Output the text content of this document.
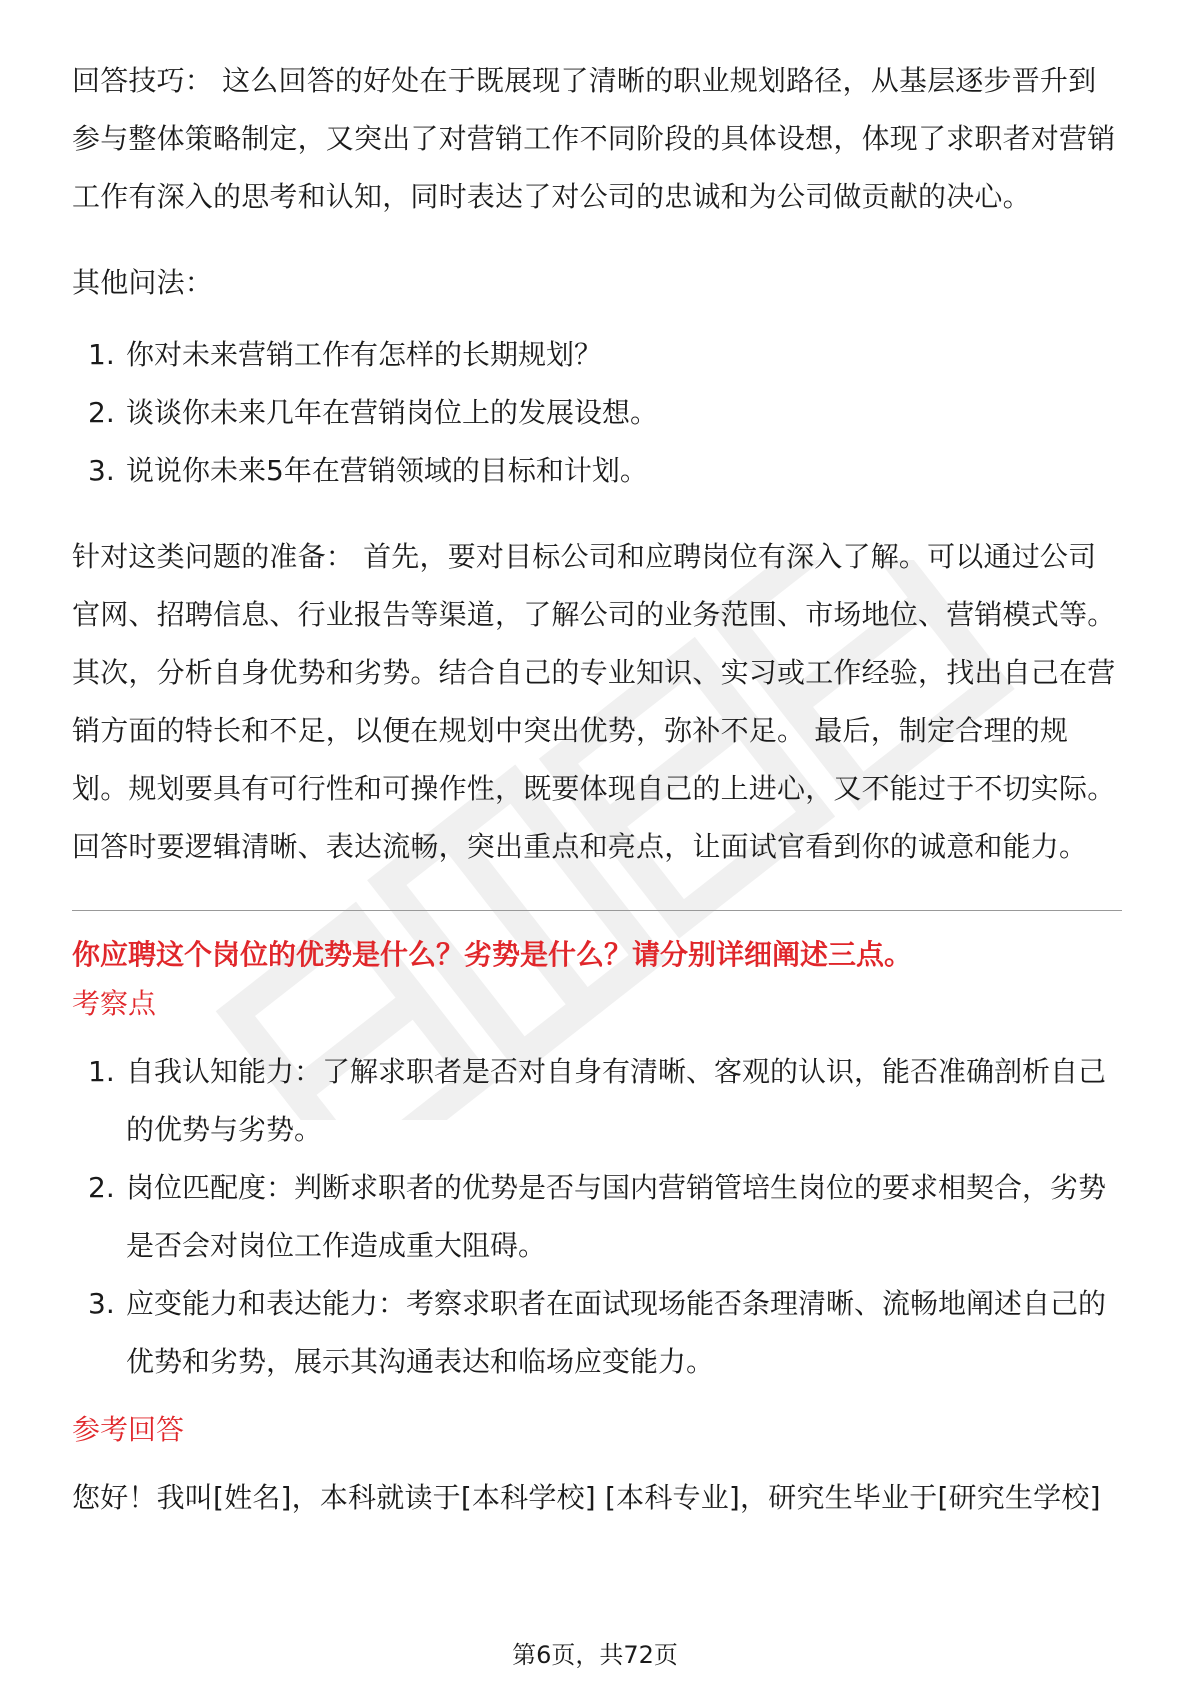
回答技巧： 这么回答的好处在于既展现了清晰的职业规划路径，从基层逐步晋升到参与整体策略制定，又突出了对营销工作不同阶段的具体设想，体现了求职者对营销工作有深入的思考和认知，同时表达了对公司的忠诚和为公司做贡献的决心。

其他问法：

1. 你对未来营销工作有怎样的长期规划？
2. 谈谈你未来几年在营销岗位上的发展设想。
3. 说说你未来5年在营销领域的目标和计划。

针对这类问题的准备： 首先，要对目标公司和应聘岗位有深入了解。可以通过公司官网、招聘信息、行业报告等渠道，了解公司的业务范围、市场地位、营销模式等。 其次，分析自身优势和劣势。结合自己的专业知识、实习或工作经验，找出自己在营销方面的特长和不足，以便在规划中突出优势，弥补不足。 最后，制定合理的规划。规划要具有可行性和可操作性，既要体现自己的上进心，又不能过于不切实际。回答时要逻辑清晰、表达流畅，突出重点和亮点，让面试官看到你的诚意和能力。

你应聘这个岗位的优势是什么？劣势是什么？请分别详细阐述三点。

考察点

1. 自我认知能力：了解求职者是否对自身有清晰、客观的认识，能否准确剖析自己的优势与劣势。
2. 岗位匹配度：判断求职者的优势是否与国内营销管培生岗位的要求相契合，劣势是否会对岗位工作造成重大阻碍。
3. 应变能力和表达能力：考察求职者在面试现场能否条理清晰、流畅地阐述自己的优势和劣势，展示其沟通表达和临场应变能力。

参考回答

您好！我叫[姓名]，本科就读于[本科学校] [本科专业]，研究生毕业于[研究生学校]

第6页，共72页
